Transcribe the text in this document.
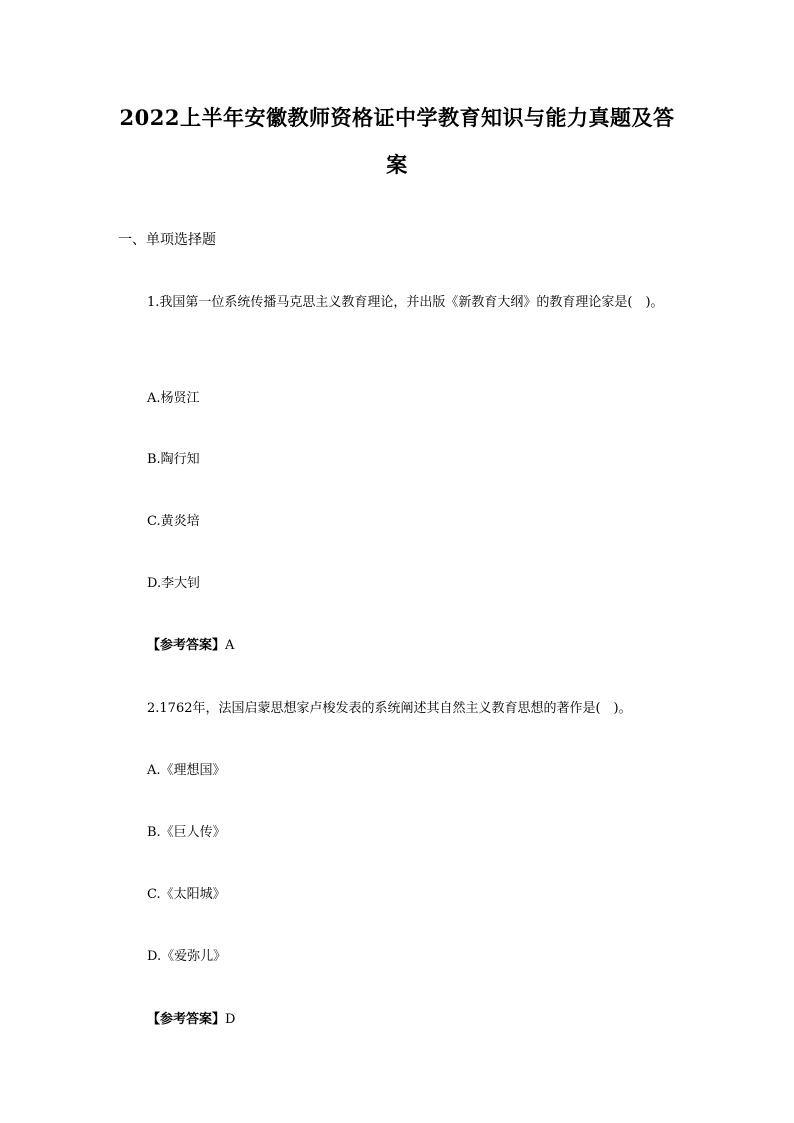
2022上半年安徽教师资格证中学教育知识与能力真题及答
案
一、单项选择题
1.我国第一位系统传播马克思主义教育理论，并出版《新教育大纲》的教育理论家是(　)。
A.杨贤江
B.陶行知
C.黄炎培
D.李大钊
【参考答案】A
2.1762年，法国启蒙思想家卢梭发表的系统阐述其自然主义教育思想的著作是(　)。
A.《理想国》
B.《巨人传》
C.《太阳城》
D.《爱弥儿》
【参考答案】D
